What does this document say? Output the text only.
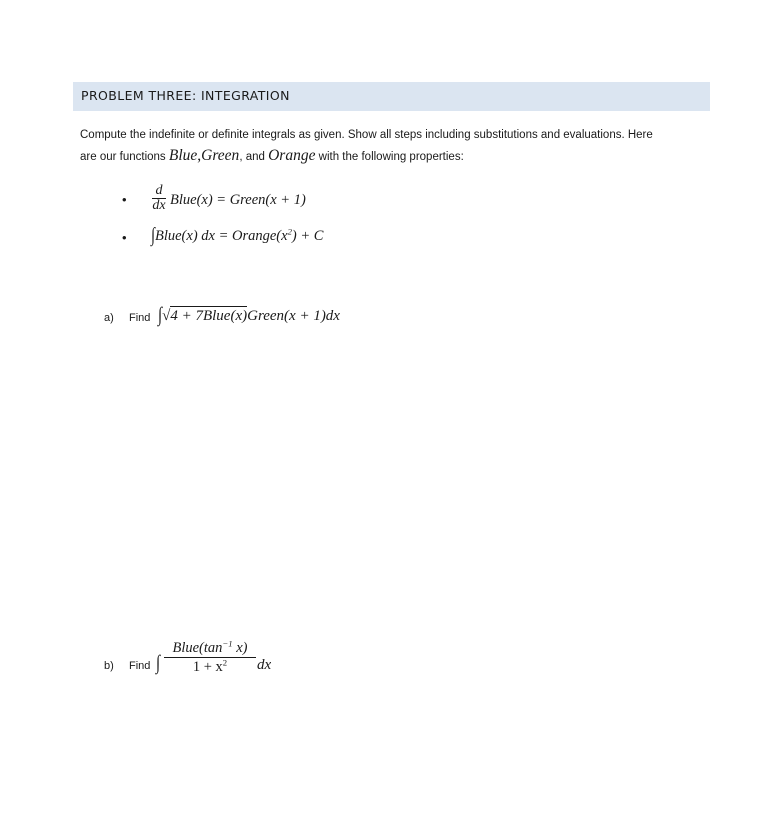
PROBLEM THREE: INTEGRATION
Compute the indefinite or definite integrals as given. Show all steps including substitutions and evaluations. Here
are our functions Blue,Green, and Orange with the following properties:
•
d
dx Blue(x) = Green(x + 1)
• ∫Blue(x) dx = $Orange(x^2) + C$
a) Find ∫√4 + 7Blue(x)Green(x + 1)dx
b) Find ∫
$Blue(\tan^{-1}$ x)
$1 + x^2$	dx
